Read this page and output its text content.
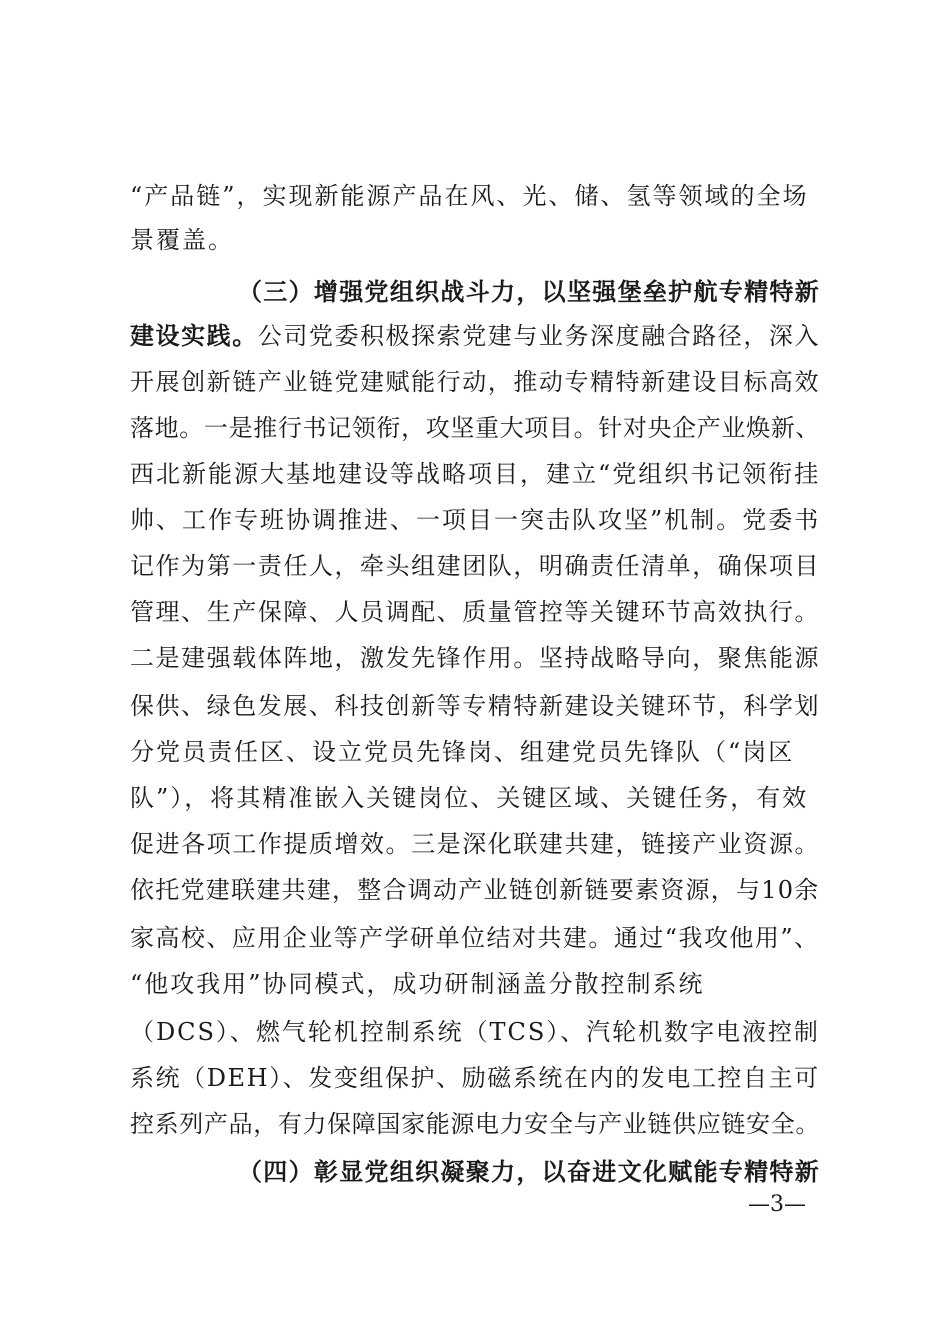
“产品链”，实现新能源产品在风、光、储、氢等领域的全场
景覆盖。
（三）增强党组织战斗力，以坚强堡垒护航专精特新
建设实践。公司党委积极探索党建与业务深度融合路径，深入
开展创新链产业链党建赋能行动，推动专精特新建设目标高效
落地。一是推行书记领衔，攻坚重大项目。针对央企产业焕新、
西北新能源大基地建设等战略项目，建立“党组织书记领衔挂
帅、工作专班协调推进、一项目一突击队攻坚”机制。党委书
记作为第一责任人，牵头组建团队，明确责任清单，确保项目
管理、生产保障、人员调配、质量管控等关键环节高效执行。
二是建强载体阵地，激发先锋作用。坚持战略导向，聚焦能源
保供、绿色发展、科技创新等专精特新建设关键环节，科学划
分党员责任区、设立党员先锋岗、组建党员先锋队（“岗区
队”），将其精准嵌入关键岗位、关键区域、关键任务，有效
促进各项工作提质增效。三是深化联建共建，链接产业资源。
依托党建联建共建，整合调动产业链创新链要素资源，与10余
家高校、应用企业等产学研单位结对共建。通过“我攻他用”、
“他攻我用”协同模式，成功研制涵盖分散控制系统
（DCS）、燃气轮机控制系统（TCS）、汽轮机数字电液控制
系统（DEH）、发变组保护、励磁系统在内的发电工控自主可
控系列产品，有力保障国家能源电力安全与产业链供应链安全。
（四）彰显党组织凝聚力，以奋进文化赋能专精特新
—3—
